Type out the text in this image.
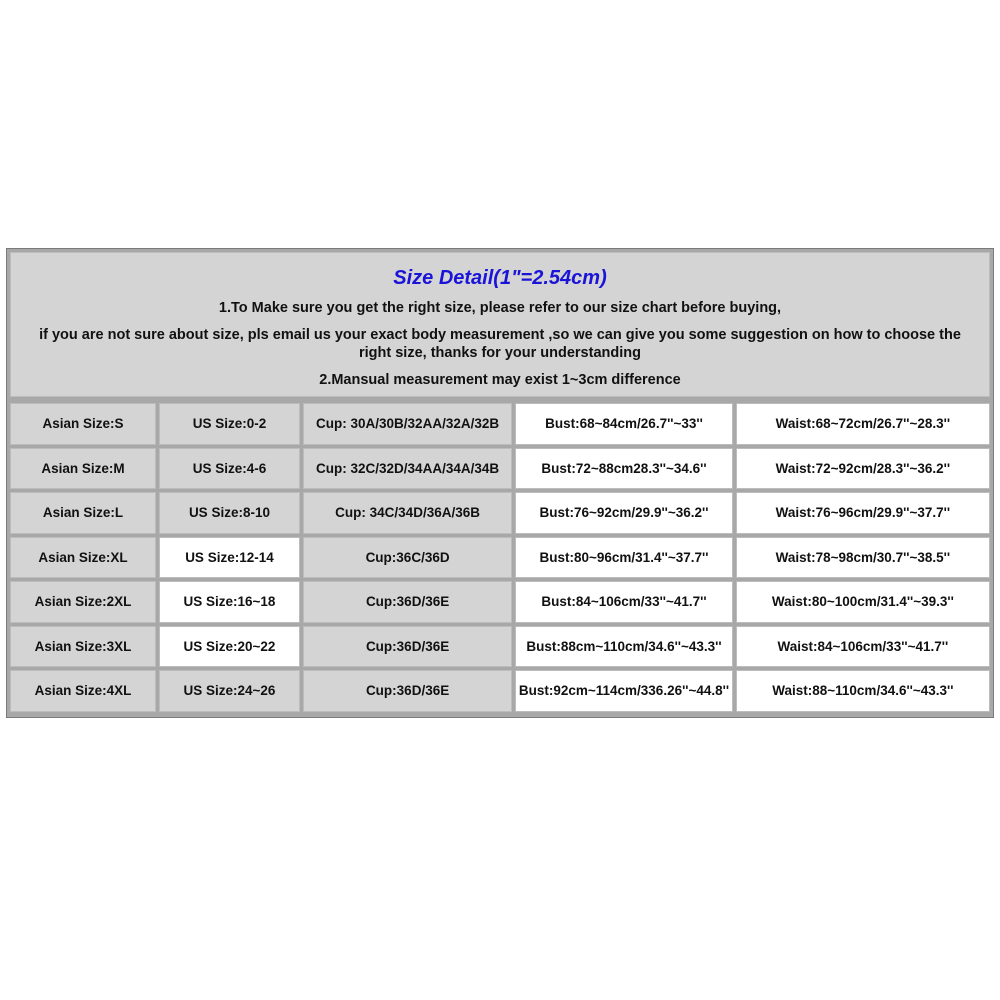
Size Detail(1"=2.54cm)

1.To Make sure you get the right size, please refer to our size chart before buying,

if you are not sure about size, pls email us your exact body measurement ,so we can give you some suggestion on how to choose the right size, thanks for your understanding

2.Mansual measurement may exist 1~3cm difference

Asian Size:S	US Size:0-2	Cup: 30A/30B/32AA/32A/32B	Bust:68~84cm/26.7''~33''	Waist:68~72cm/26.7''~28.3''
Asian Size:M	US Size:4-6	Cup: 32C/32D/34AA/34A/34B	Bust:72~88cm28.3''~34.6''	Waist:72~92cm/28.3''~36.2''
Asian Size:L	US Size:8-10	Cup: 34C/34D/36A/36B	Bust:76~92cm/29.9''~36.2''	Waist:76~96cm/29.9''~37.7''
Asian Size:XL	US Size:12-14	Cup:36C/36D	Bust:80~96cm/31.4''~37.7''	Waist:78~98cm/30.7''~38.5''
Asian Size:2XL	US Size:16~18	Cup:36D/36E	Bust:84~106cm/33''~41.7''	Waist:80~100cm/31.4''~39.3''
Asian Size:3XL	US Size:20~22	Cup:36D/36E	Bust:88cm~110cm/34.6''~43.3''	Waist:84~106cm/33''~41.7''
Asian Size:4XL	US Size:24~26	Cup:36D/36E	Bust:92cm~114cm/336.26''~44.8''	Waist:88~110cm/34.6''~43.3''
